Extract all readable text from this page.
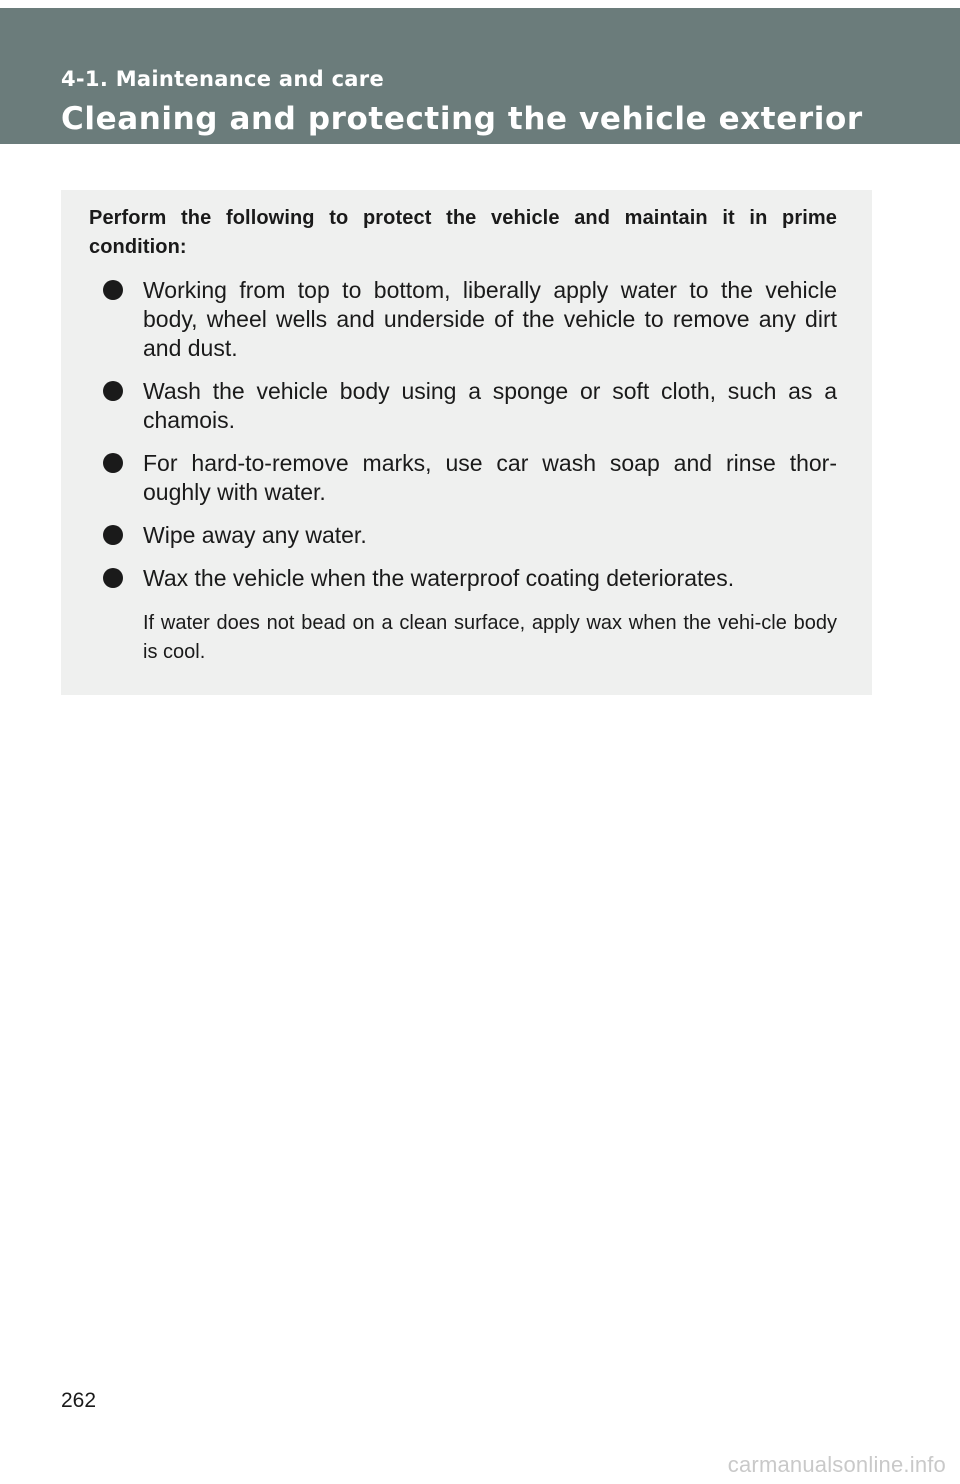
4-1. Maintenance and care
Cleaning and protecting the vehicle exterior

Perform the following to protect the vehicle and maintain it in prime condition:

Working from top to bottom, liberally apply water to the vehicle body, wheel wells and underside of the vehicle to remove any dirt and dust.
Wash the vehicle body using a sponge or soft cloth, such as a chamois.
For hard-to-remove marks, use car wash soap and rinse thor-oughly with water.
Wipe away any water.
Wax the vehicle when the waterproof coating deteriorates.

If water does not bead on a clean surface, apply wax when the vehi-cle body is cool.

262
carmanualsonline.info
